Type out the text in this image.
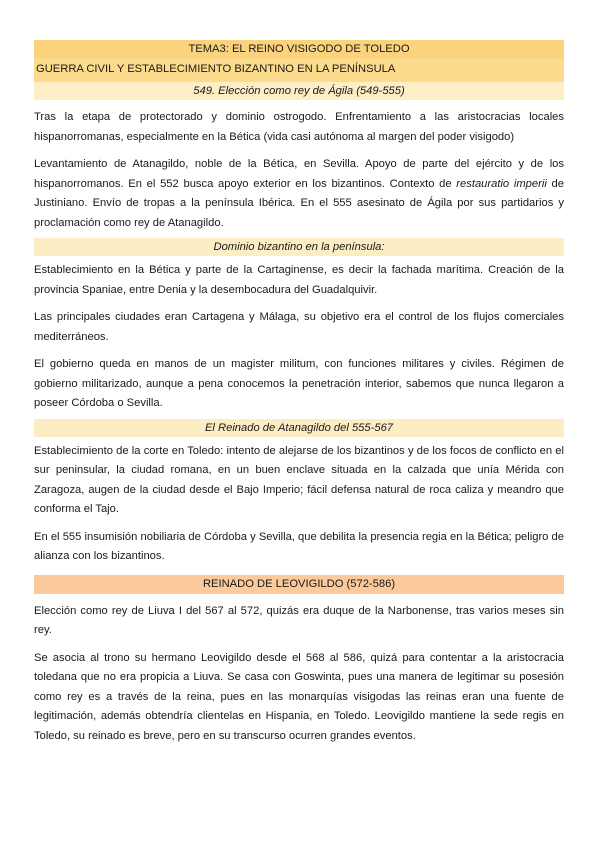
TEMA3: EL REINO VISIGODO DE TOLEDO
GUERRA CIVIL Y ESTABLECIMIENTO BIZANTINO EN LA PENÍNSULA
549. Elección como rey de Ágila (549-555)

Tras la etapa de protectorado y dominio ostrogodo. Enfrentamiento a las aristocracias locales hispanorromanas, especialmente en la Bética (vida casi autónoma al margen del poder visigodo)

Levantamiento de Atanagildo, noble de la Bética, en Sevilla. Apoyo de parte del ejército y de los hispanorromanos. En el 552 busca apoyo exterior en los bizantinos. Contexto de restauratio imperii de Justiniano. Envío de tropas a la península Ibérica. En el 555 asesinato de Ágila por sus partidarios y proclamación como rey de Atanagildo.

Dominio bizantino en la península:

Establecimiento en la Bética y parte de la Cartaginense, es decir la fachada marítima. Creación de la provincia Spaniae, entre Denia y la desembocadura del Guadalquivir.

Las principales ciudades eran Cartagena y Málaga, su objetivo era el control de los flujos comerciales mediterráneos.

El gobierno queda en manos de un magister militum, con funciones militares y civiles. Régimen de gobierno militarizado, aunque a pena conocemos la penetración interior, sabemos que nunca llegaron a poseer Córdoba o Sevilla.

El Reinado de Atanagildo del 555-567

Establecimiento de la corte en Toledo: intento de alejarse de los bizantinos y de los focos de conflicto en el sur peninsular, la ciudad romana, en un buen enclave situada en la calzada que unía Mérida con Zaragoza, augen de la ciudad desde el Bajo Imperio; fácil defensa natural de roca caliza y meandro que conforma el Tajo.

En el 555 insumisión nobiliaria de Córdoba y Sevilla, que debilita la presencia regia en la Bética; peligro de alianza con los bizantinos.

REINADO DE LEOVIGILDO (572-586)

Elección como rey de Liuva I del 567 al 572, quizás era duque de la Narbonense, tras varios meses sin rey.

Se asocia al trono su hermano Leovigildo desde el 568 al 586, quizá para contentar a la aristocracia toledana que no era propicia a Liuva. Se casa con Goswinta, pues una manera de legitimar su posesión como rey es a través de la reina, pues en las monarquías visigodas las reinas eran una fuente de legitimación, además obtendría clientelas en Hispania, en Toledo. Leovigildo mantiene la sede regis en Toledo, su reinado es breve, pero en su transcurso ocurren grandes eventos.
